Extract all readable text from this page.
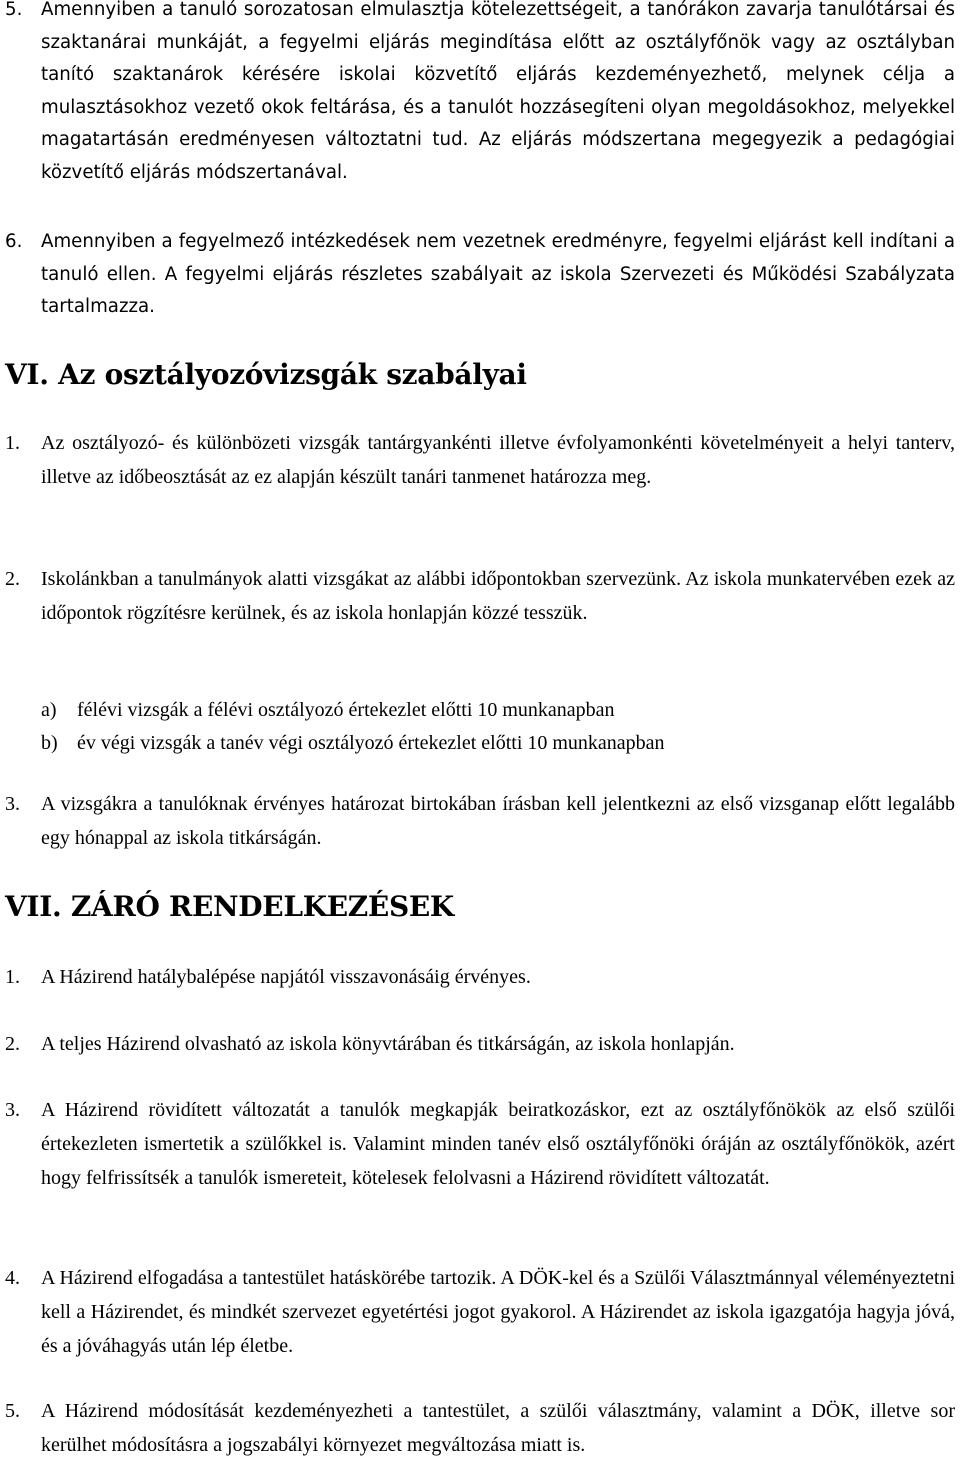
5.	Amennyiben a tanuló sorozatosan elmulasztja kötelezettségeit, a tanórákon zavarja tanulótársai és szaktanárai munkáját, a fegyelmi eljárás megindítása előtt az osztályfőnök vagy az osztályban tanító szaktanárok kérésére iskolai közvetítő eljárás kezdeményezhető, melynek célja a mulasztásokhoz vezető okok feltárása, és a tanulót hozzásegíteni olyan megoldásokhoz, melyekkel magatartásán eredményesen változtatni tud. Az eljárás módszertana megegyezik a pedagógiai közvetítő eljárás módszertanával.
6.	Amennyiben a fegyelmező intézkedések nem vezetnek eredményre, fegyelmi eljárást kell indítani a tanuló ellen. A fegyelmi eljárás részletes szabályait az iskola Szervezeti és Működési Szabályzata tartalmazza.
VI. Az osztályozóvizsgák szabályai
1.	Az osztályozó- és különbözeti vizsgák tantárgyankénti illetve évfolyamonkénti követelményeit a helyi tanterv, illetve az időbeosztását az ez alapján készült tanári tanmenet határozza meg.
2.	Iskolánkban a tanulmányok alatti vizsgákat az alábbi időpontokban szervezünk. Az iskola munkatervében ezek az időpontok rögzítésre kerülnek, és az iskola honlapján közzé tesszük.
a)	félévi vizsgák a félévi osztályozó értekezlet előtti 10 munkanapban
b) év végi vizsgák a tanév végi osztályozó értekezlet előtti 10 munkanapban
3.	A vizsgákra a tanulóknak érvényes határozat birtokában írásban kell jelentkezni az első vizsganap előtt legalább egy hónappal az iskola titkárságán.
VII. ZÁRÓ RENDELKEZÉSEK
1.	A Házirend hatálybalépése napjától visszavonásáig érvényes.
2.	A teljes Házirend olvasható az iskola könyvtárában és titkárságán, az iskola honlapján.
3.	A Házirend rövidített változatát a tanulók megkapják beiratkozáskor, ezt az osztályfőnökök az első szülői értekezleten ismertetik a szülőkkel is. Valamint minden tanév első osztályfőnöki óráján az osztályfőnökök, azért hogy felfrissítsék a tanulók ismereteit, kötelesek felolvasni a Házirend rövidített változatát.
4.	A Házirend elfogadása a tantestület hatáskörébe tartozik. A DÖK-kel és a Szülői Választmánnyal véleményeztetni kell a Házirendet, és mindkét szervezet egyetértési jogot gyakorol. A Házirendet az iskola igazgatója hagyja jóvá, és a jóváhagyás után lép életbe.
5.	A Házirend módosítását kezdeményezheti a tantestület, a szülői választmány, valamint a DÖK, illetve sor kerülhet módosításra a jogszabályi környezet megváltozása miatt is.
